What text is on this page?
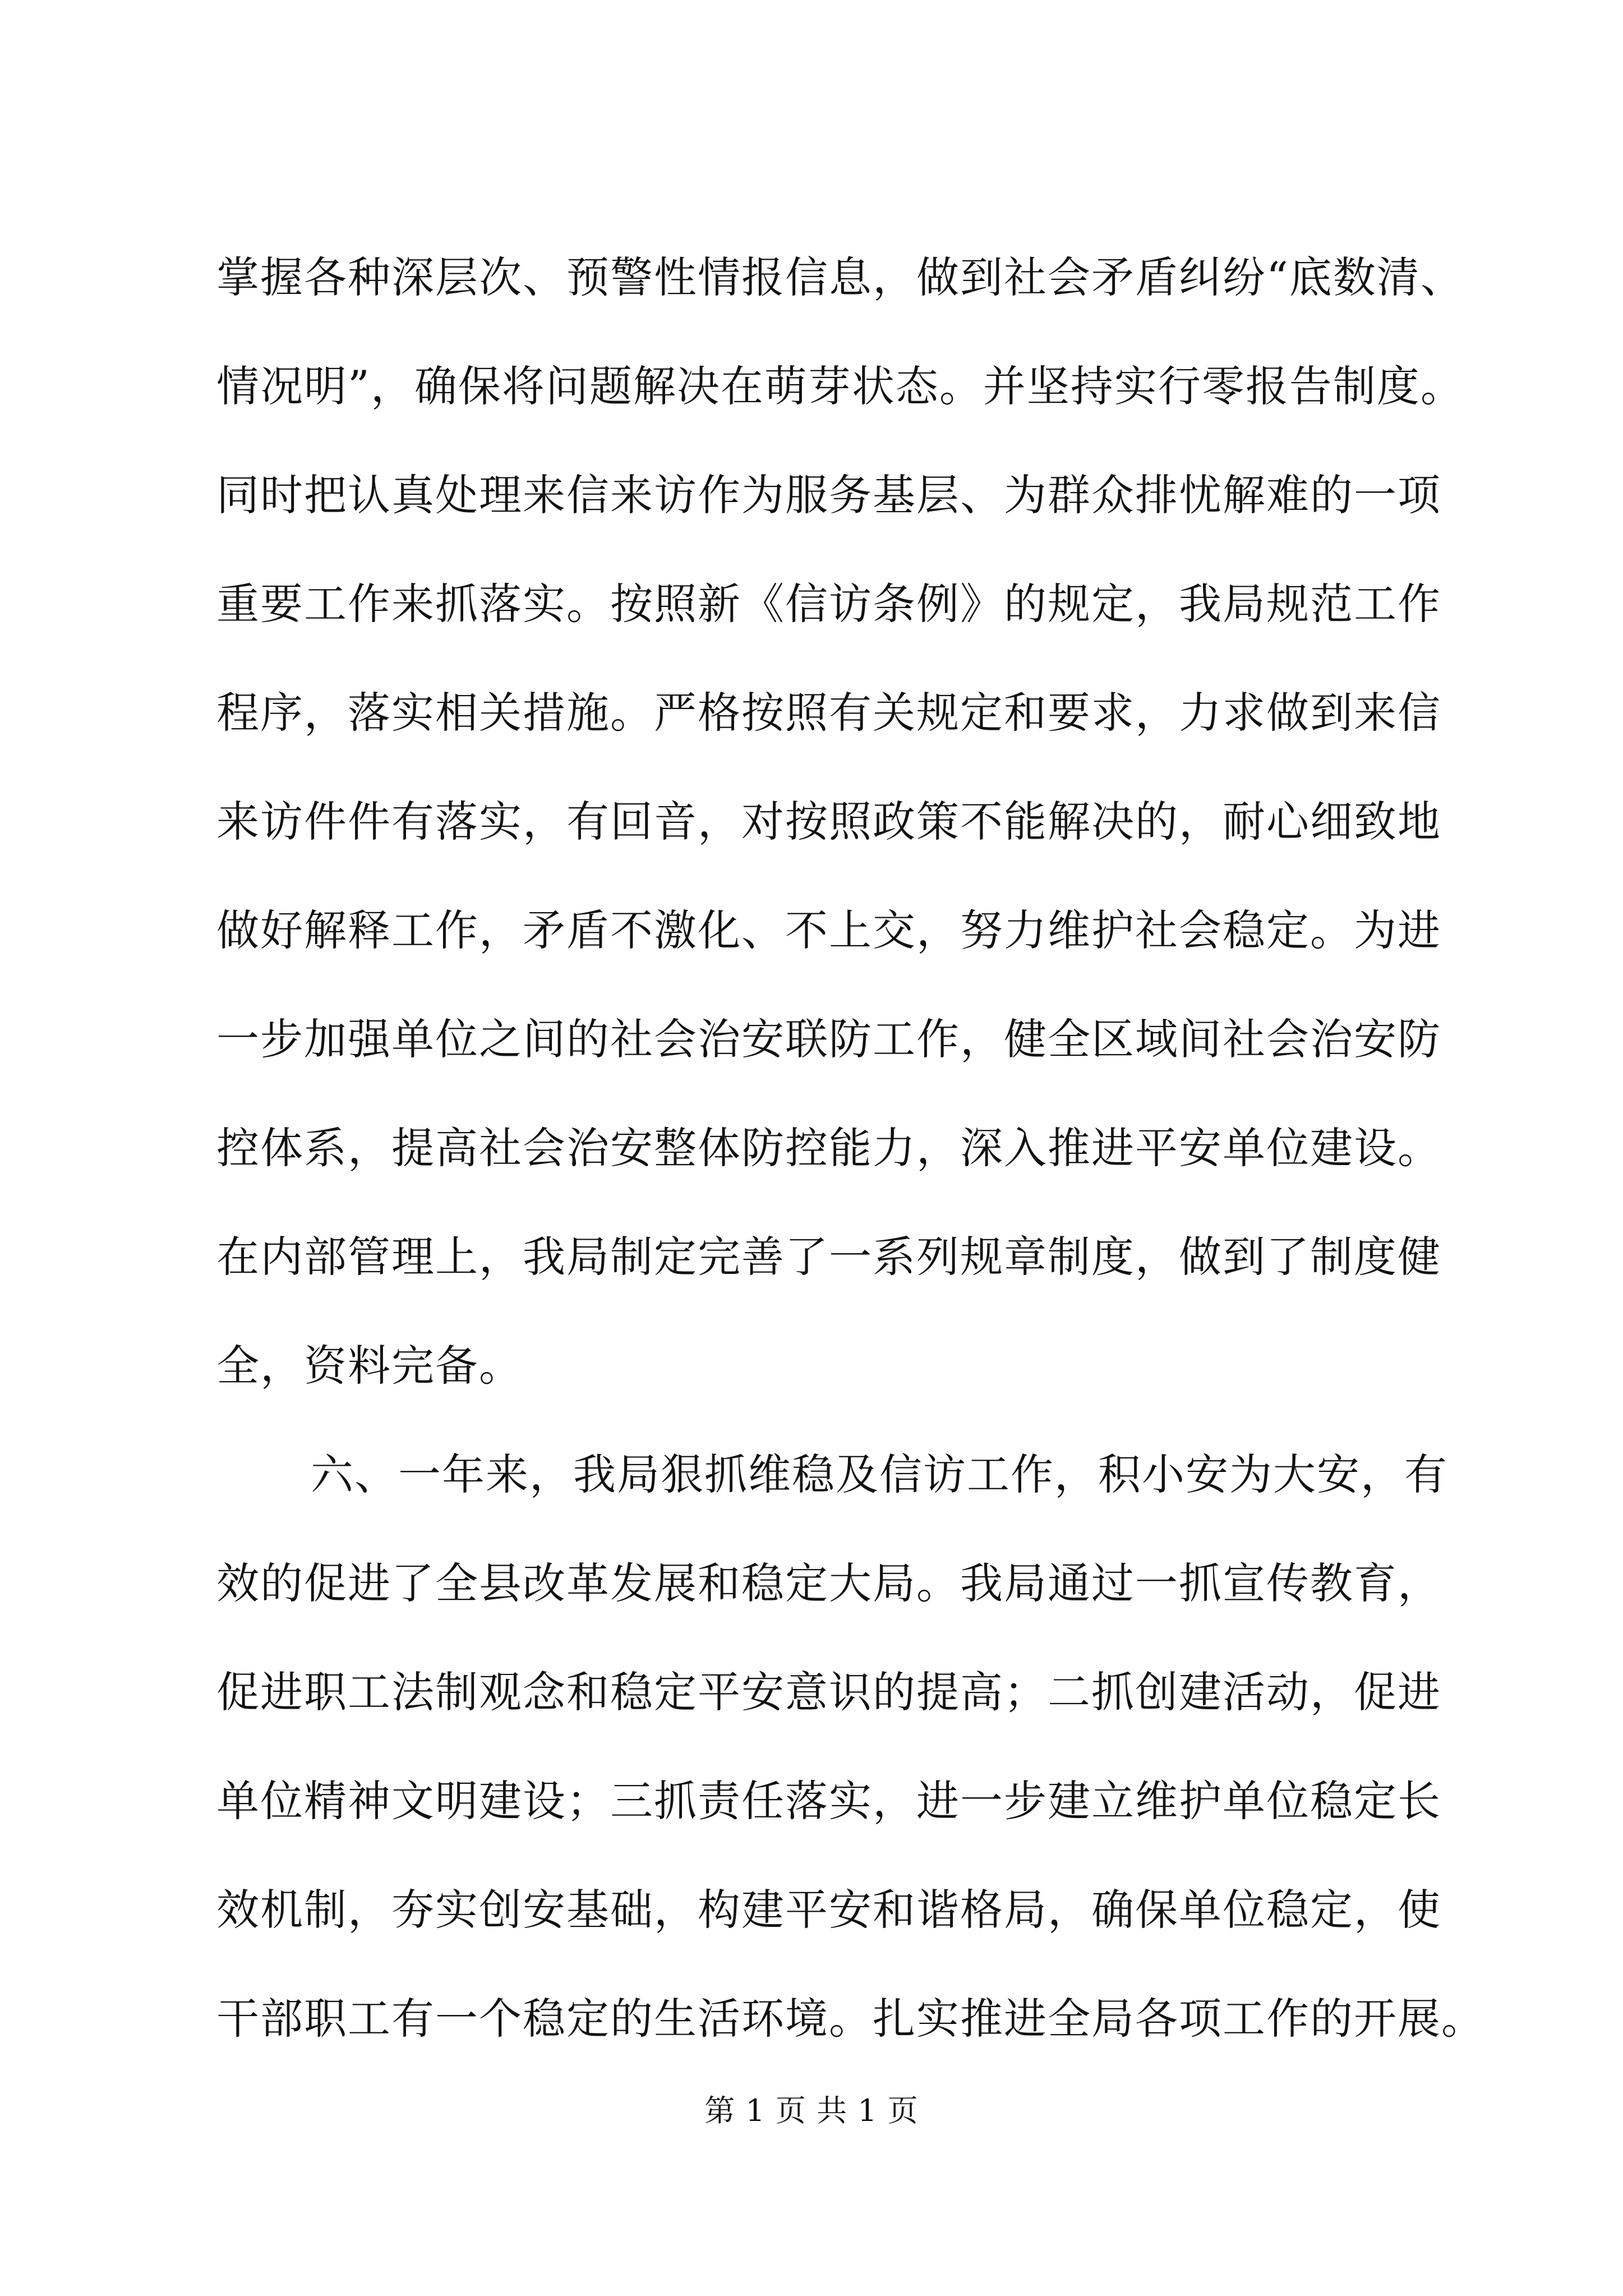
掌握各种深层次、预警性情报信息，做到社会矛盾纠纷“底数清、
情况明”，确保将问题解决在萌芽状态。并坚持实行零报告制度。
同时把认真处理来信来访作为服务基层、为群众排忧解难的一项
重要工作来抓落实。按照新《信访条例》的规定，我局规范工作
程序，落实相关措施。严格按照有关规定和要求，力求做到来信
来访件件有落实，有回音，对按照政策不能解决的，耐心细致地
做好解释工作，矛盾不激化、不上交，努力维护社会稳定。为进
一步加强单位之间的社会治安联防工作，健全区域间社会治安防
控体系，提高社会治安整体防控能力，深入推进平安单位建设。
在内部管理上，我局制定完善了一系列规章制度，做到了制度健
全，资料完备。
六、一年来，我局狠抓维稳及信访工作，积小安为大安，有
效的促进了全县改革发展和稳定大局。我局通过一抓宣传教育，
促进职工法制观念和稳定平安意识的提高；二抓创建活动，促进
单位精神文明建设；三抓责任落实，进一步建立维护单位稳定长
效机制，夯实创安基础，构建平安和谐格局，确保单位稳定，使
干部职工有一个稳定的生活环境。扎实推进全局各项工作的开展。
第 1 页 共 1 页
